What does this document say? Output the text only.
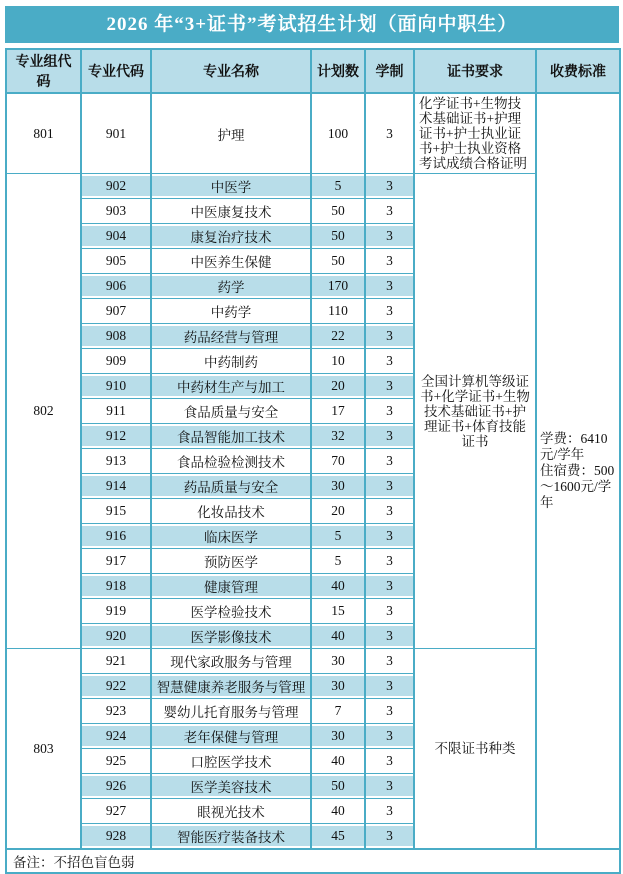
2026 年“3+证书”考试招生计划（面向中职生）
专业组代码	专业代码	专业名称	计划数	学制	证书要求	收费标准
801	901	护理	100	3	化学证书+生物技术基础证书+护理证书+护士执业证书+护士执业资格考试成绩合格证明	学费：6410元/学年
住宿费：500～1600元/学年

802	902	中医学	5	3	全国计算机等级证书+化学证书+生物技术基础证书+护理证书+体育技能证书	
	903	中医康复技术	50	3		
	904	康复治疗技术	50	3		
	905	中医养生保健	50	3		
	906	药学	170	3		
	907	中药学	110	3		
	908	药品经营与管理	22	3		
	909	中药制药	10	3		
	910	中药材生产与加工	20	3		
	911	食品质量与安全	17	3		
	912	食品智能加工技术	32	3		
	913	食品检验检测技术	70	3		
	914	药品质量与安全	30	3		
	915	化妆品技术	20	3		
	916	临床医学	5	3		
	917	预防医学	5	3		
	918	健康管理	40	3		
	919	医学检验技术	15	3		
	920	医学影像技术	40	3		
803	921	现代家政服务与管理	30	3	不限证书种类	
	922	智慧健康养老服务与管理	30	3		
	923	婴幼儿托育服务与管理	7	3		
	924	老年保健与管理	30	3		
	925	口腔医学技术	40	3		
	926	医学美容技术	50	3		
	927	眼视光技术	40	3		
	928	智能医疗装备技术	45	3		
备注：不招色盲色弱						
